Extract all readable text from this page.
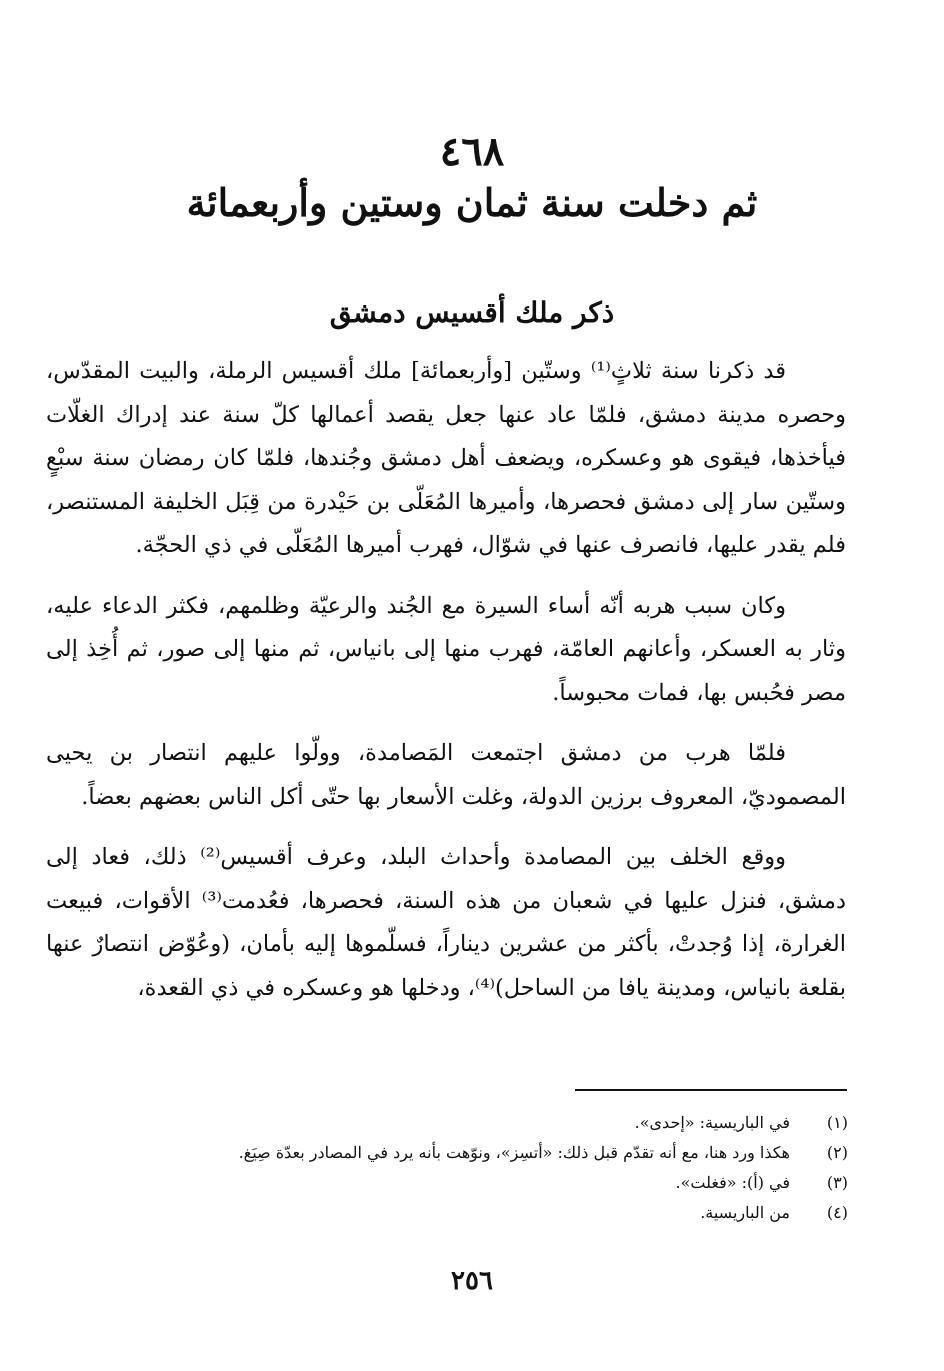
٤٦٨
ثم دخلت سنة ثمان وستين وأربعمائة
ذكر ملك أقسيس دمشق

قد ذكرنا سنة ثلاثٍ⁽¹⁾ وستّين [وأربعمائة] ملك أقسيس الرملة، والبيت المقدّس، وحصره مدينة دمشق، فلمّا عاد عنها جعل يقصد أعمالها كلّ سنة عند إدراك الغلّات فيأخذها، فيقوى هو وعسكره، ويضعف أهل دمشق وجُندها، فلمّا كان رمضان سنة سبْعٍ وستّين سار إلى دمشق فحصرها، وأميرها المُعَلّى بن حَيْدرة من قِبَل الخليفة المستنصر، فلم يقدر عليها، فانصرف عنها في شوّال، فهرب أميرها المُعَلّى في ذي الحجّة.

وكان سبب هربه أنّه أساء السيرة مع الجُند والرعيّة وظلمهم، فكثر الدعاء عليه، وثار به العسكر، وأعانهم العامّة، فهرب منها إلى بانياس، ثم منها إلى صور، ثم أُخِذ إلى مصر فحُبس بها، فمات محبوساً.

فلمّا هرب من دمشق اجتمعت المَصامدة، وولّوا عليهم انتصار بن يحيى المصموديّ، المعروف برزين الدولة، وغلت الأسعار بها حتّى أكل الناس بعضهم بعضاً.

ووقع الخلف بين المصامدة وأحداث البلد، وعرف أقسيس⁽²⁾ ذلك، فعاد إلى دمشق، فنزل عليها في شعبان من هذه السنة، فحصرها، فعُدمت⁽³⁾ الأقوات، فبيعت الغرارة، إذا وُجدتْ، بأكثر من عشرين ديناراً، فسلّموها إليه بأمان، (وعُوّض انتصارٌ عنها بقلعة بانياس، ومدينة يافا من الساحل)⁽⁴⁾، ودخلها هو وعسكره في ذي القعدة،

(١)
في الباريسية: «إحدى».
(٢)
هكذا ورد هنا، مع أنه تقدّم قبل ذلك: «أتسِز»، ونوّهت بأنه يرد في المصادر بعدّة صِيَغ.
(٣)
في (أ): «فغلت».
(٤)
من الباريسية.
٢٥٦
